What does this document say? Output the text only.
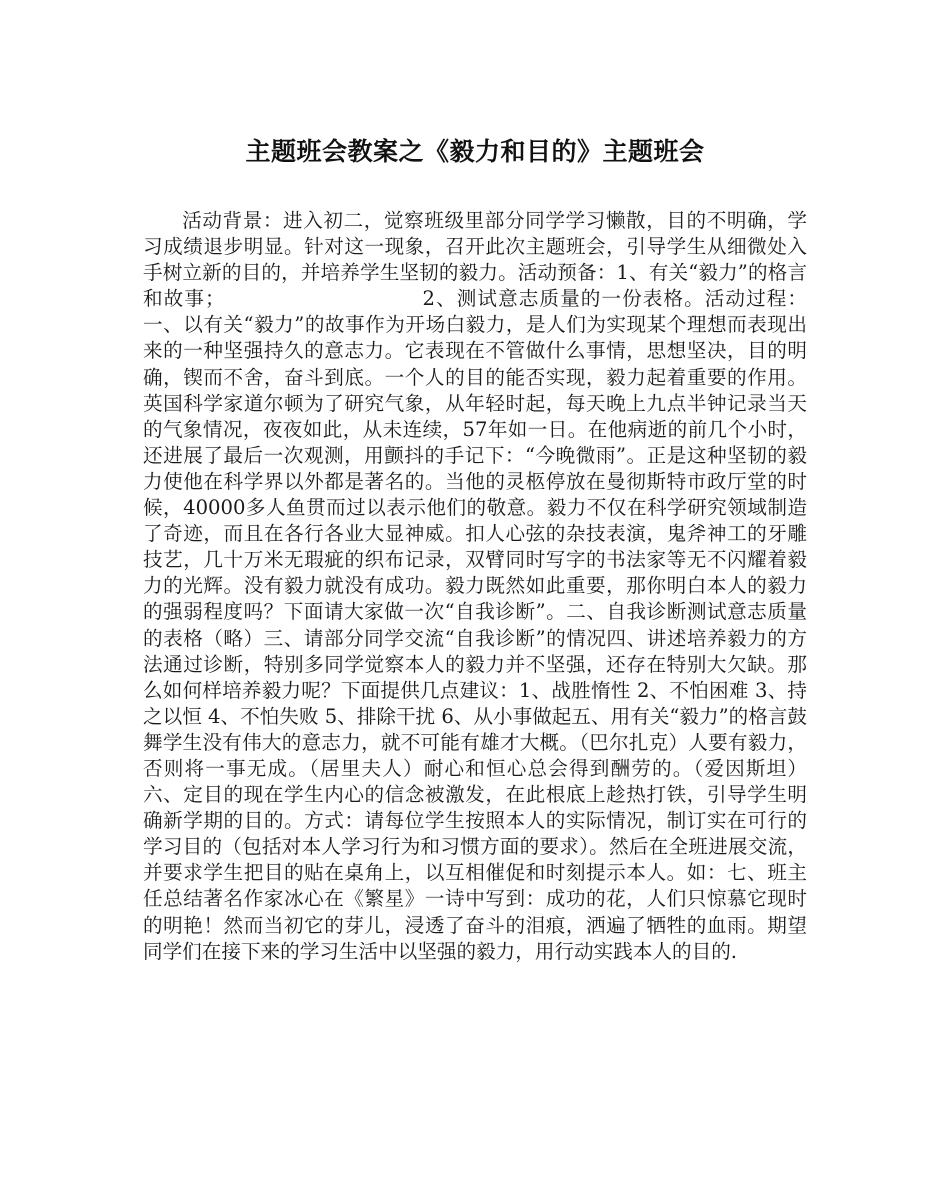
主题班会教案之《毅力和目的》主题班会

活动背景：进入初二，觉察班级里部分同学学习懒散，目的不明确，学习成绩退步明显。针对这一现象，召开此次主题班会，引导学生从细微处入手树立新的目的，并培养学生坚韧的毅力。活动预备：1、有关“毅力”的格言和故事；　　　　　　　　　　2、测试意志质量的一份表格。活动过程：一、以有关“毅力”的故事作为开场白毅力，是人们为实现某个理想而表现出来的一种坚强持久的意志力。它表现在不管做什么事情，思想坚决，目的明确，锲而不舍，奋斗到底。一个人的目的能否实现，毅力起着重要的作用。英国科学家道尔顿为了研究气象，从年轻时起，每天晚上九点半钟记录当天的气象情况，夜夜如此，从未连续，57年如一日。在他病逝的前几个小时，还进展了最后一次观测，用颤抖的手记下：“今晚微雨”。正是这种坚韧的毅力使他在科学界以外都是著名的。当他的灵柩停放在曼彻斯特市政厅堂的时候，40000多人鱼贯而过以表示他们的敬意。毅力不仅在科学研究领域制造了奇迹，而且在各行各业大显神威。扣人心弦的杂技表演，鬼斧神工的牙雕技艺，几十万米无瑕疵的织布记录，双臂同时写字的书法家等无不闪耀着毅力的光辉。没有毅力就没有成功。毅力既然如此重要，那你明白本人的毅力的强弱程度吗？下面请大家做一次“自我诊断”。二、自我诊断测试意志质量的表格（略）三、请部分同学交流“自我诊断”的情况四、讲述培养毅力的方法通过诊断，特别多同学觉察本人的毅力并不坚强，还存在特别大欠缺。那么如何样培养毅力呢？下面提供几点建议：1、战胜惰性 2、不怕困难 3、持之以恒 4、不怕失败 5、排除干扰 6、从小事做起五、用有关“毅力”的格言鼓舞学生没有伟大的意志力，就不可能有雄才大概。（巴尔扎克）人要有毅力，否则将一事无成。（居里夫人）耐心和恒心总会得到酬劳的。（爱因斯坦）六、定目的现在学生内心的信念被激发，在此根底上趁热打铁，引导学生明确新学期的目的。方式：请每位学生按照本人的实际情况，制订实在可行的学习目的（包括对本人学习行为和习惯方面的要求）。然后在全班进展交流，并要求学生把目的贴在桌角上，以互相催促和时刻提示本人。如：七、班主任总结著名作家冰心在《繁星》一诗中写到：成功的花，人们只惊慕它现时的明艳！然而当初它的芽儿，浸透了奋斗的泪痕，洒遍了牺牲的血雨。期望同学们在接下来的学习生活中以坚强的毅力，用行动实践本人的目的.
